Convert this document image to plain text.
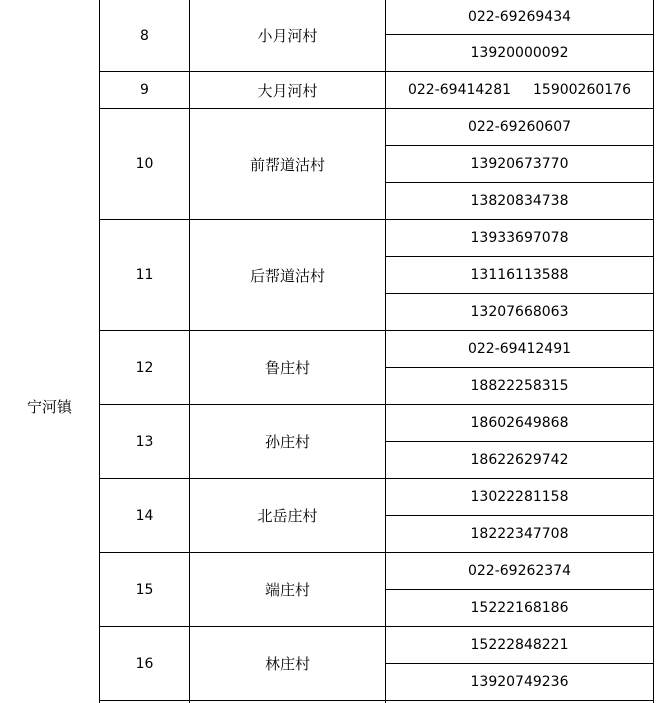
宁河镇
8	小月河村
022-69269434
13920000092
9	大月河村	022-69414281 15900260176
10	前帮道沽村
022-69260607
13920673770
13820834738
11	后帮道沽村
13933697078
13116113588
13207668063
12	鲁庄村
022-69412491
18822258315
13	孙庄村
18602649868
18622629742
14	北岳庄村
13022281158
18222347708
15	端庄村
022-69262374
15222168186
16	林庄村
15222848221
13920749236
